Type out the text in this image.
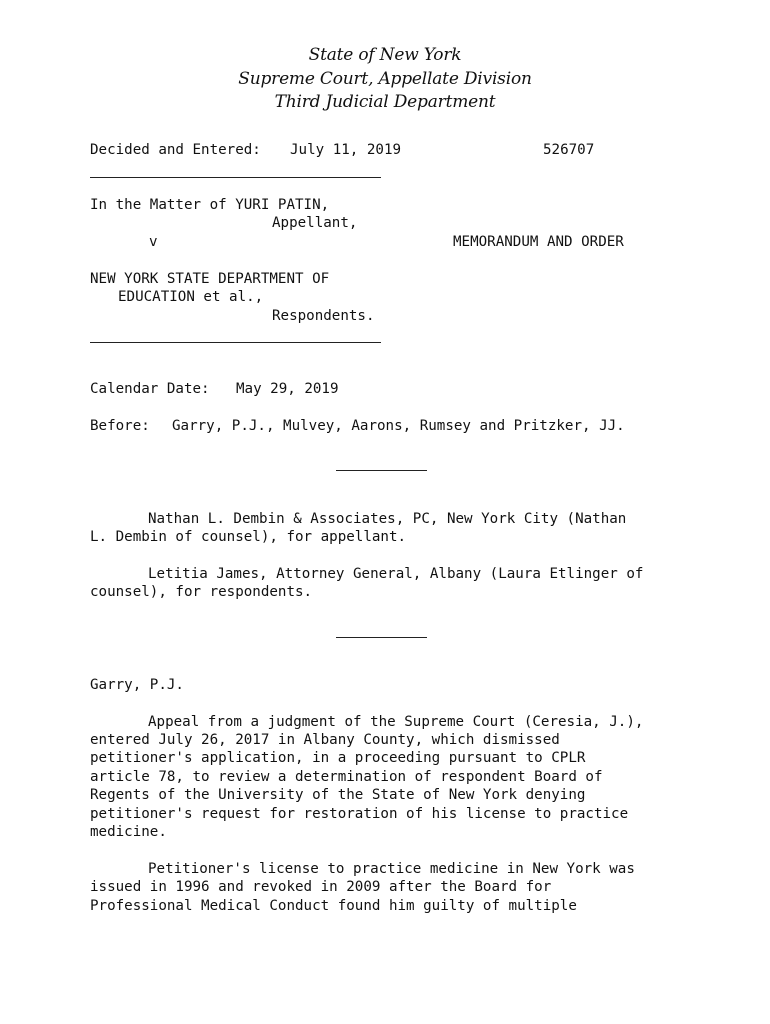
State of New York
Supreme Court, Appellate Division
Third Judicial Department
Decided and Entered: July 11, 2019	526707
In the Matter of YURI PATIN,
Appellant,
v	MEMORANDUM AND ORDER
NEW YORK STATE DEPARTMENT OF
EDUCATION et al.,
Respondents.
Calendar Date: May 29, 2019
Before: Garry, P.J., Mulvey, Aarons, Rumsey and Pritzker, JJ.
Nathan L. Dembin & Associates, PC, New York City (Nathan
L. Dembin of counsel), for appellant.
Letitia James, Attorney General, Albany (Laura Etlinger of
counsel), for respondents.
Garry, P.J.
Appeal from a judgment of the Supreme Court (Ceresia, J.),
entered July 26, 2017 in Albany County, which dismissed
petitioner's application, in a proceeding pursuant to CPLR
article 78, to review a determination of respondent Board of
Regents of the University of the State of New York denying
petitioner's request for restoration of his license to practice
medicine.
Petitioner's license to practice medicine in New York was
issued in 1996 and revoked in 2009 after the Board for
Professional Medical Conduct found him guilty of multiple
